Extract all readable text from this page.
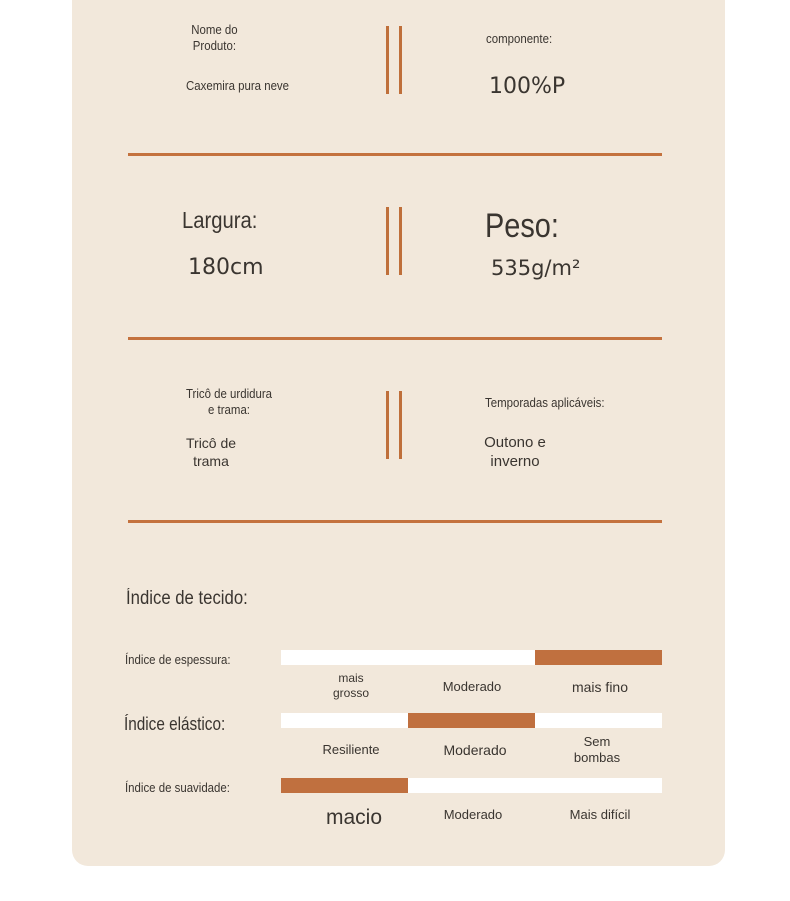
Nome do
Produto:
Caxemira pura neve
componente:
100%P
Largura:
180cm
Peso:
535g/m²
Tricô de urdidura
e trama:
Tricô de
trama
Temporadas aplicáveis:
Outono e
inverno
Índice de tecido:
Índice de espessura:
mais
grosso	Moderado	mais fino
Índice elástico:
Resiliente	Moderado
Sem
bombas
Índice de suavidade:
macio	Moderado	Mais difícil
